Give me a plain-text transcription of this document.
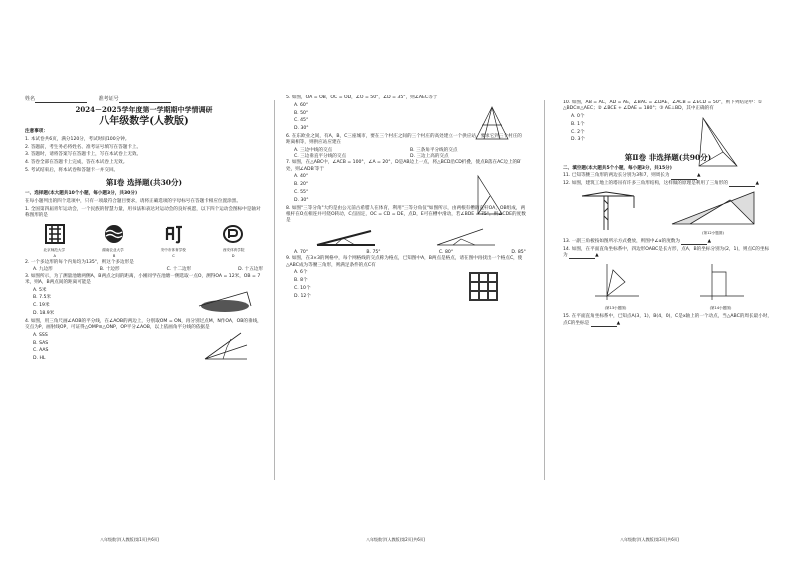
姓名	准考证号
2024－2025学年度第一学期期中学情调研
八年级数学(人教版)
注意事项：
1. 本试卷共6页，满分120分，考试时间100分钟。
2. 答题前，考生务必将姓名、准考证号填写在答题卡上。
3. 答题时，请将答案写在答题卡上，写在本试卷上无效。
4. 答卷全部在答题卡上完成，答在本试卷上无效。
5. 考试结束后，将本试卷和答题卡一并交回。
第Ⅰ卷 选择题(共30分)
一、选择题(本大题共10个小题，每小题3分，共30分)
在每小题列出的四个选项中，只有一项最符合题目要求，请将正确选项的字母标号在答题卡相应位置涂黑。
1. 全国第四届青年运动会，一个民族的智慧力量，用书法和表达对运动会的良好祝愿，以下四个运动会图标中是轴对称图形的是
北京师范大学	湖南农业大学	安中市体育学校	西安体育学院
A	B	C	D
2. 一个多边形的每个内角均为135°，则这个多边形是
A. 九边形	B. 十边形	C. 十二边形	D. 十五边形
3. 如图所示，为了测量池塘两侧A，B两点之间的距离，小刚同学在池塘一侧选取一点O，测得OA = 12米，OB = 7米，则A，B两点间的距离可能是
A. 5米
B. 7.5米
C. 19米
D. 18.9米
4. 如图，用三角尺画∠AOB的平分线，在∠AOB的两边上，分别取OM = ON，再分别过点M，N作OA，OB的垂线，交点为P，画射线OP，可证得△OMP≌△ONP，OP平分∠AOB，以上依画角平分线的依据是
A. SSS
B. SAS
C. AAS
D. HL
5. 如图，OA = OB，OC = OD，∠O = 50°，∠D = 35°，则∠AEC等于
A. 60°
B. 50°
C. 45°
D. 30°
6. 在东欧业之间，有A，B，C三座城市，要在三个村庄之间的三个村庄的高处建立一个供应站，要求它到三个村庄的距离相等，则供应站应建在
A. 三边中线的交点	B. 三条角平分线的交点
C. 三边垂直平分线的交点	D. 三边上高的交点
7. 如图，在△ABC中，∠ACB = 100°，∠A = 20°，D是AB边上一点，将△BCD沿CD折叠，使点B落在AC边上的B′处，则∠ADB′等于
A. 40°
B. 20°
C. 55°
D. 30°
8. 如图"三等分角"大约是由公元前古希腊人在体育，利用"三等分角仪"如图所示，由两根有槽的直杆OA，OB组成，两根杆在O点相连并可绕O转动，C点固定，OC = CD = DE，点D，E可在槽中滑动，若∠BDE = 75°，则∠CDE的度数是
A. 70°	B. 75°	C. 80°	D. 85°
9. 如图，在3×3的网格中，每个网格线的交点称为格点，已知图中A，B两点是格点，请在图中再找出一个格点C，使△ABC成为等腰三角形，则满足条件的点C有
A. 6个
B. 8个
C. 10个
D. 12个
10. 如图，AB = AC，AD = AE，∠BAC = ∠DAE，∠ACB = ∠ECD = 50°，则下列结论中：① △BDC≌△AEC；② ∠BCE + ∠DAE = 180°；③ AE⊥BD，其中正确的有
A. 0个
B. 1个
C. 2个
D. 3个
第Ⅱ卷 非选择题(共90分)
二、填空题(本大题共5个小题，每小题3分，共15分)
11. 已知等腰三角形的两边长分别为3和7，则周长为	▲
12. 如图，建筑工地上的塔吊有许多三角形结构，这样做的原理是利用了三角形的	▲
(第12小题图)
13. 一副三角板按如图所示方式叠放，则图中∠α的度数为	▲
14. 如图，在平面直角坐标系中，四边形OABC是长方形，点A，B的坐标分别为(2，1)，则点C的坐标为	▲
(第13小题图)	(第14小题图)
15. 在平面直角坐标系中，已知点A(3，1)，B(4，0)，C是x轴上的一个动点，当△ABC的周长最小时，点C的坐标是	▲
八年级数学(人教版)第1页(共6页)	八年级数学(人教版)第2页(共6页)	八年级数学(人教版)第3页(共6页)
